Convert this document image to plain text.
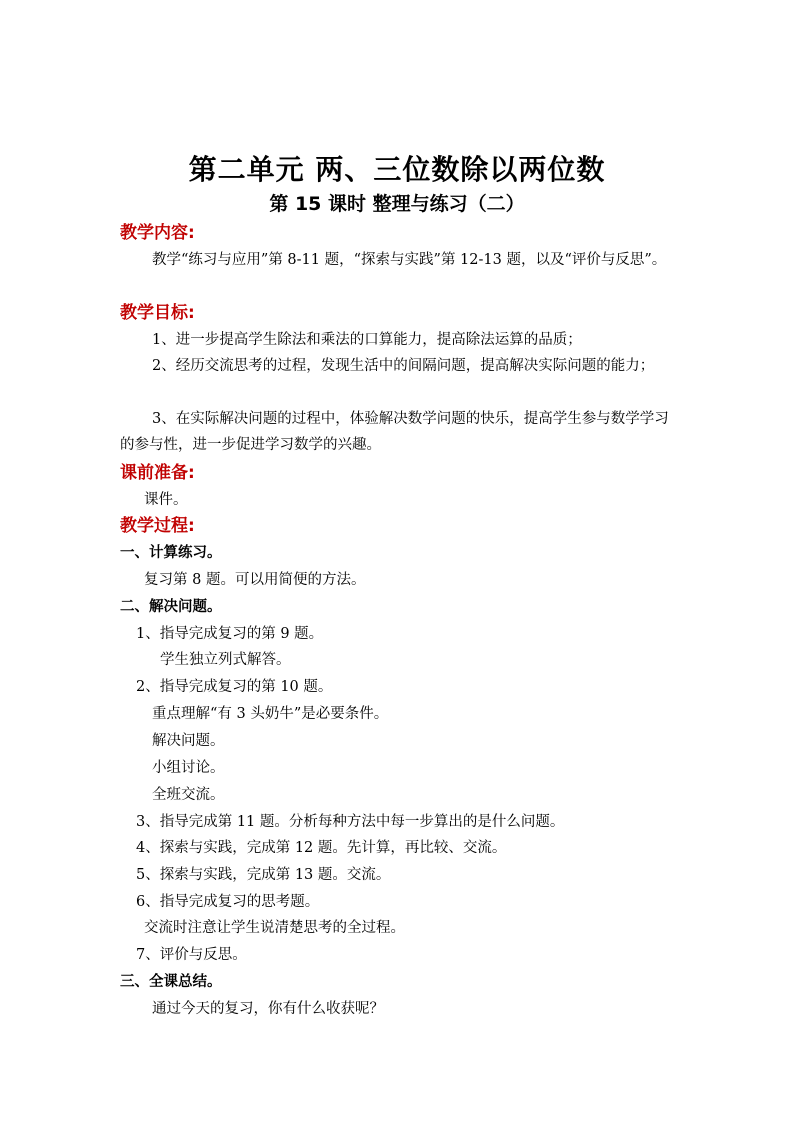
第二单元 两、三位数除以两位数
第 15 课时 整理与练习（二）
教学内容:
教学“练习与应用”第 8-11 题，“探索与实践”第 12-13 题，以及“评价与反思”。
教学目标:
1、进一步提高学生除法和乘法的口算能力，提高除法运算的品质；
2、经历交流思考的过程，发现生活中的间隔问题，提高解决实际问题的能力；
3、在实际解决问题的过程中，体验解决数学问题的快乐，提高学生参与数学学习的参与性，进一步促进学习数学的兴趣。
课前准备:
课件。
教学过程:
一、计算练习。
复习第 8 题。可以用简便的方法。
二、解决问题。
1、指导完成复习的第 9 题。
学生独立列式解答。
2、指导完成复习的第 10 题。
重点理解“有 3 头奶牛”是必要条件。
解决问题。
小组讨论。
全班交流。
3、指导完成第 11 题。分析每种方法中每一步算出的是什么问题。
4、探索与实践，完成第 12 题。先计算，再比较、交流。
5、探索与实践，完成第 13 题。交流。
6、指导完成复习的思考题。
交流时注意让学生说清楚思考的全过程。
7、评价与反思。
三、全课总结。
通过今天的复习，你有什么收获呢？
